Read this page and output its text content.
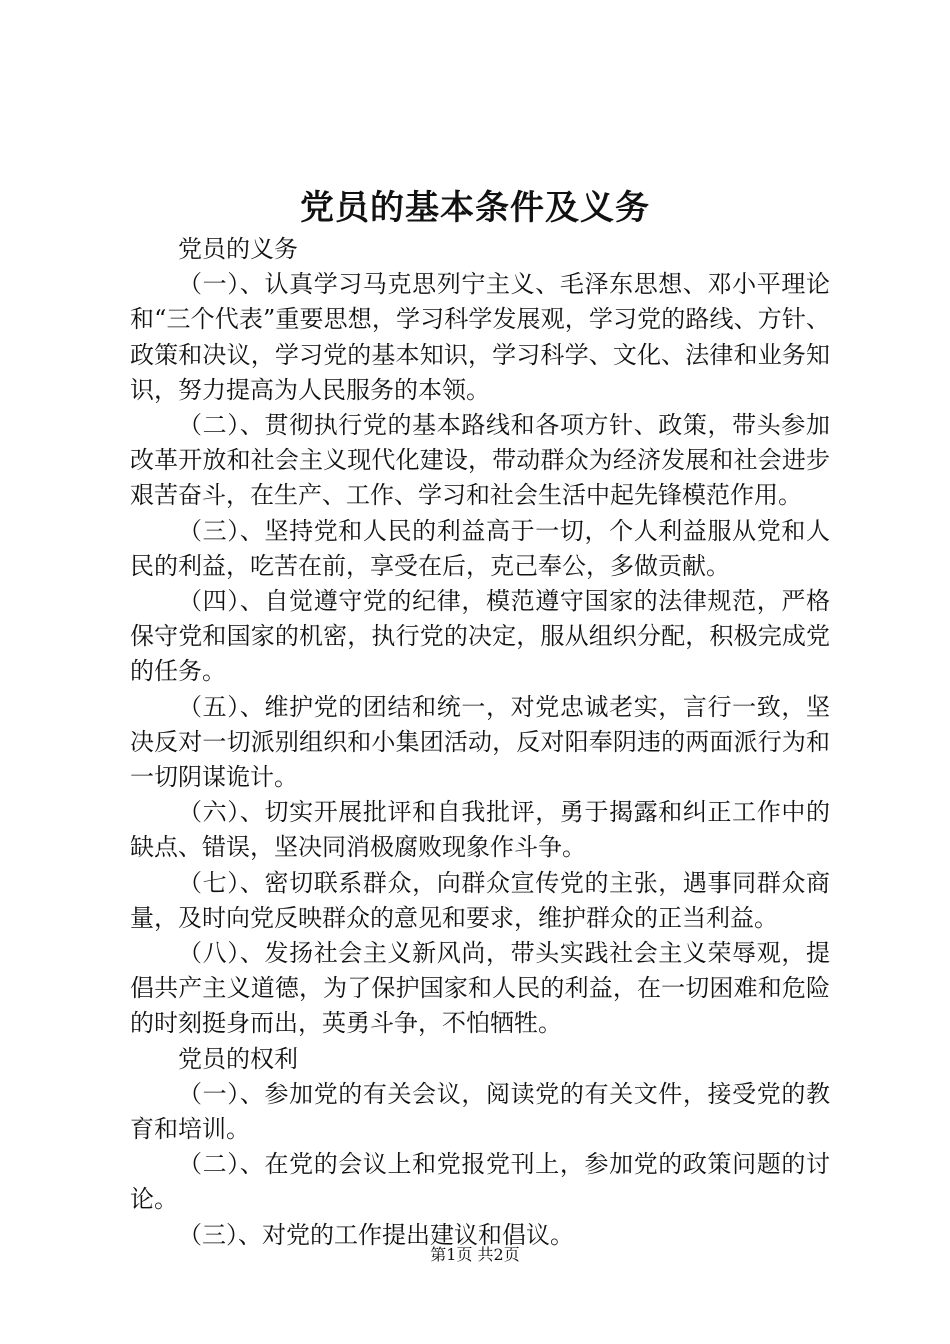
党员的基本条件及义务

党员的义务

（一）、认真学习马克思列宁主义、毛泽东思想、邓小平理论和“三个代表”重要思想，学习科学发展观，学习党的路线、方针、政策和决议，学习党的基本知识，学习科学、文化、法律和业务知识，努力提高为人民服务的本领。

（二）、贯彻执行党的基本路线和各项方针、政策，带头参加改革开放和社会主义现代化建设，带动群众为经济发展和社会进步艰苦奋斗，在生产、工作、学习和社会生活中起先锋模范作用。

（三）、坚持党和人民的利益高于一切，个人利益服从党和人民的利益，吃苦在前，享受在后，克己奉公，多做贡献。

（四）、自觉遵守党的纪律，模范遵守国家的法律规范，严格保守党和国家的机密，执行党的决定，服从组织分配，积极完成党的任务。

（五）、维护党的团结和统一，对党忠诚老实，言行一致，坚决反对一切派别组织和小集团活动，反对阳奉阴违的两面派行为和一切阴谋诡计。

（六）、切实开展批评和自我批评，勇于揭露和纠正工作中的缺点、错误，坚决同消极腐败现象作斗争。

（七）、密切联系群众，向群众宣传党的主张，遇事同群众商量，及时向党反映群众的意见和要求，维护群众的正当利益。

（八）、发扬社会主义新风尚，带头实践社会主义荣辱观，提倡共产主义道德，为了保护国家和人民的利益，在一切困难和危险的时刻挺身而出，英勇斗争，不怕牺牲。

党员的权利

（一）、参加党的有关会议，阅读党的有关文件，接受党的教育和培训。

（二）、在党的会议上和党报党刊上，参加党的政策问题的讨论。

（三）、对党的工作提出建议和倡议。

第1页 共2页
